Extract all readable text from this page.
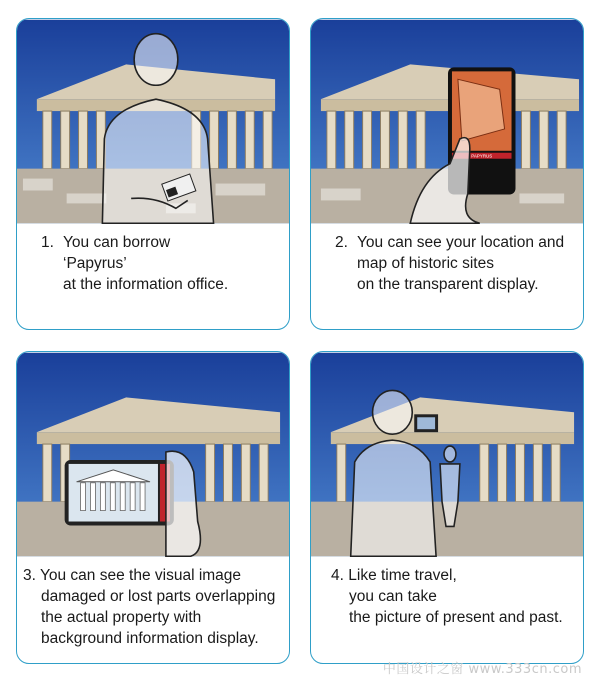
1. You can borrow
‘Papyrus’
at the information office.
PAPYRUS
2. You can see your location and
map of historic sites
on the transparent display.
3. You can see the visual image
damaged or lost parts overlapping
the actual property with
background information display.
4. Like time travel,
you can take
the picture of present and past.
中国设计之窗 www.333cn.com
